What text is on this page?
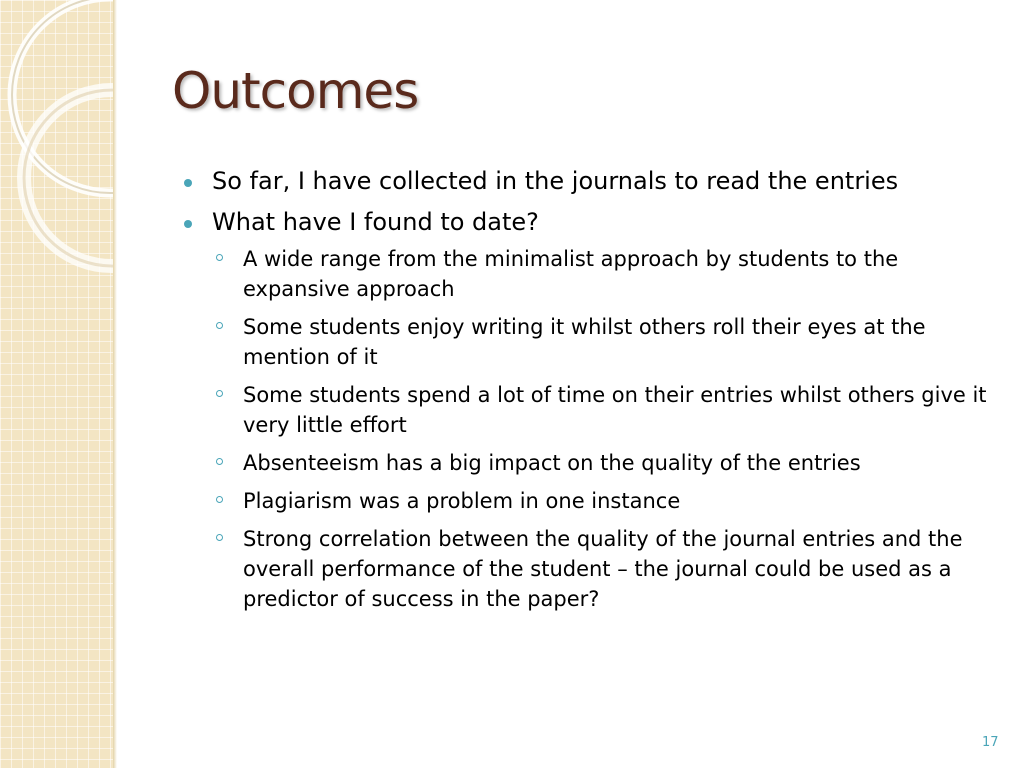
Outcomes
So far, I have collected in the journals to read the entries
What have I found to date?
A wide range from the minimalist approach by students to the expansive approach
Some students enjoy writing it whilst others roll their eyes at the mention of it
Some students spend a lot of time on their entries whilst others give it very little effort
Absenteeism has a big impact on the quality of the entries
Plagiarism was a problem in one instance
Strong correlation between the quality of the journal entries and the overall performance of the student – the journal could be used as a predictor of success in the paper?
17
